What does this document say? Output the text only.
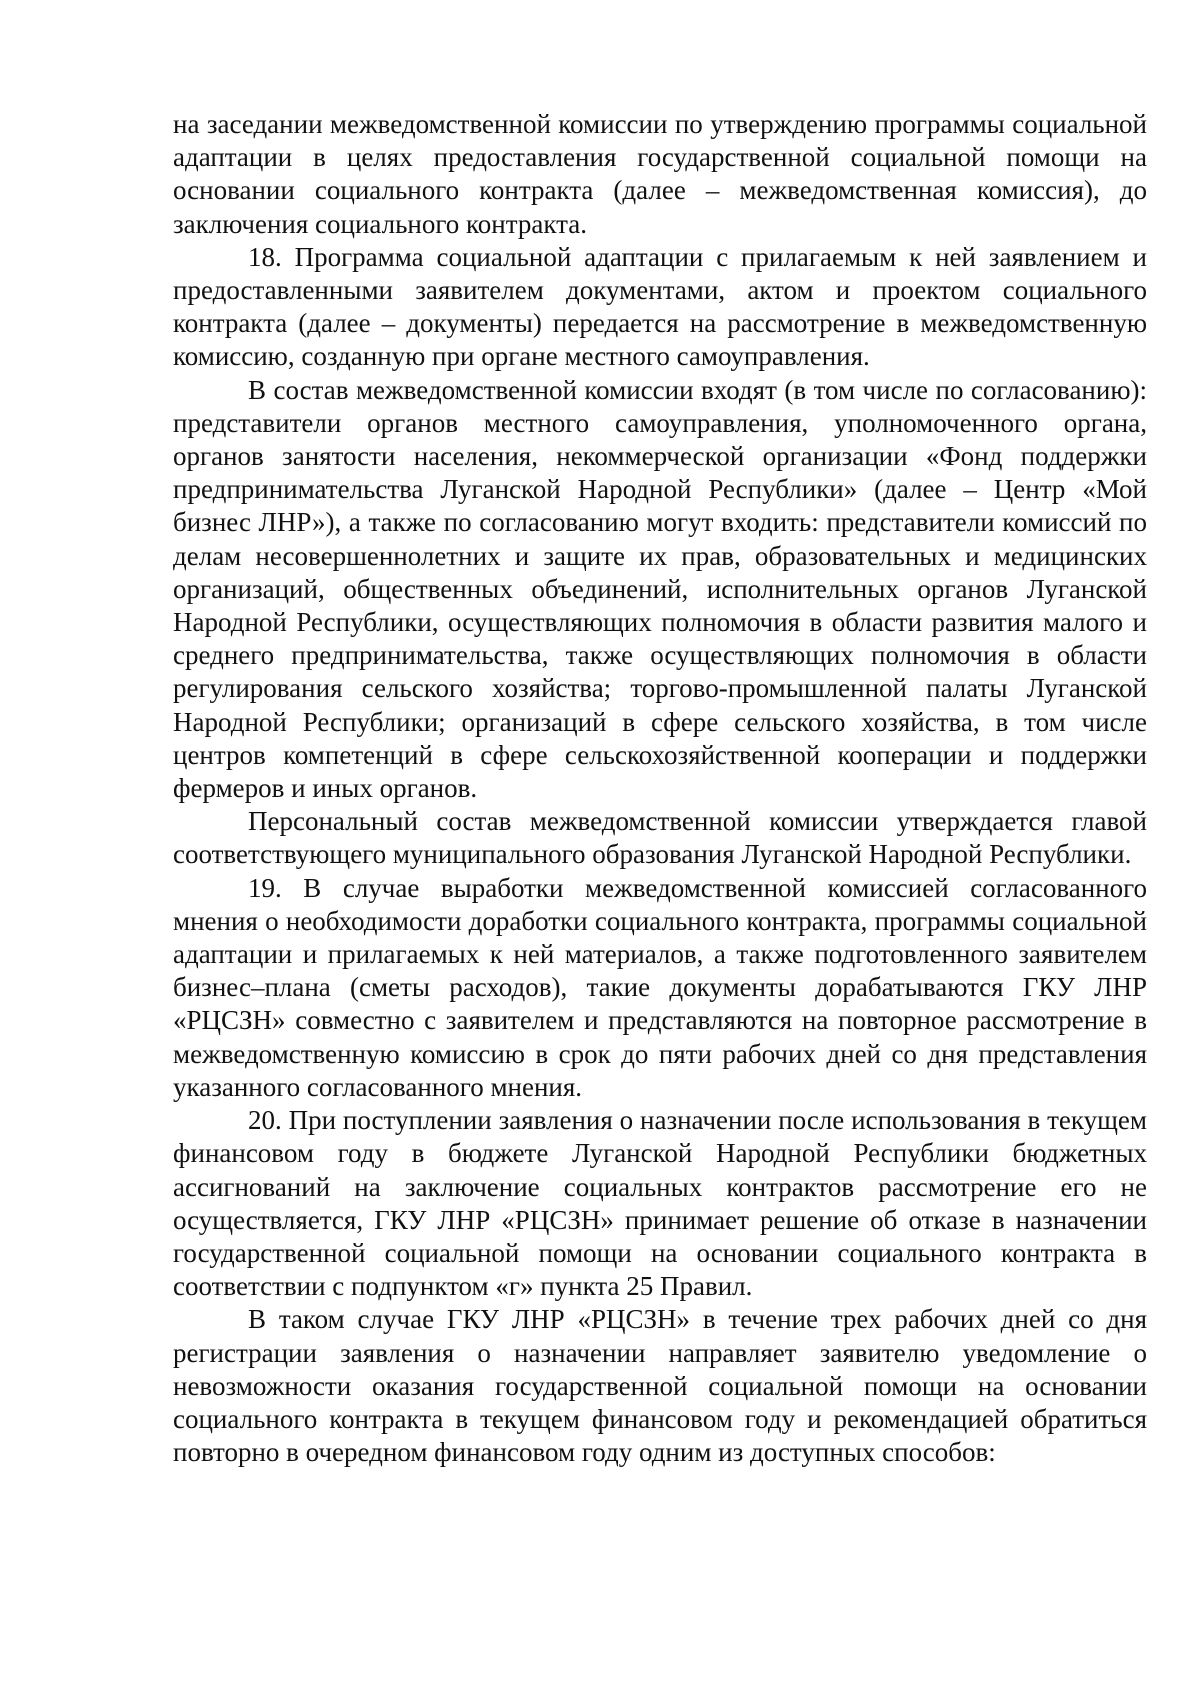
на заседании межведомственной комиссии по утверждению программы социальной адаптации в целях предоставления государственной социальной помощи на основании социального контракта (далее – межведомственная комиссия), до заключения социального контракта.

18. Программа социальной адаптации с прилагаемым к ней заявлением и предоставленными заявителем документами, актом и проектом социального контракта (далее – документы) передается на рассмотрение в межведомственную комиссию, созданную при органе местного самоуправления.

В состав межведомственной комиссии входят (в том числе по согласованию): представители органов местного самоуправления, уполномоченного органа, органов занятости населения, некоммерческой организации «Фонд поддержки предпринимательства Луганской Народной Республики» (далее – Центр «Мой бизнес ЛНР»), а также по согласованию могут входить: представители комиссий по делам несовершеннолетних и защите их прав, образовательных и медицинских организаций, общественных объединений, исполнительных органов Луганской Народной Республики, осуществляющих полномочия в области развития малого и среднего предпринимательства, также осуществляющих полномочия в области регулирования сельского хозяйства; торгово-промышленной палаты Луганской Народной Республики; организаций в сфере сельского хозяйства, в том числе центров компетенций в сфере сельскохозяйственной кооперации и поддержки фермеров и иных органов.

Персональный состав межведомственной комиссии утверждается главой соответствующего муниципального образования Луганской Народной Республики.

19. В случае выработки межведомственной комиссией согласованного мнения о необходимости доработки социального контракта, программы социальной адаптации и прилагаемых к ней материалов, а также подготовленного заявителем бизнес–плана (сметы расходов), такие документы дорабатываются ГКУ ЛНР «РЦСЗН» совместно с заявителем и представляются на повторное рассмотрение в межведомственную комиссию в срок до пяти рабочих дней со дня представления указанного согласованного мнения.

20. При поступлении заявления о назначении после использования в текущем финансовом году в бюджете Луганской Народной Республики бюджетных ассигнований на заключение социальных контрактов рассмотрение его не осуществляется, ГКУ ЛНР «РЦСЗН» принимает решение об отказе в назначении государственной социальной помощи на основании социального контракта в соответствии с подпунктом «г» пункта 25 Правил.

В таком случае ГКУ ЛНР «РЦСЗН» в течение трех рабочих дней со дня регистрации заявления о назначении направляет заявителю уведомление о невозможности оказания государственной социальной помощи на основании социального контракта в текущем финансовом году и рекомендацией обратиться повторно в очередном финансовом году одним из доступных способов:
